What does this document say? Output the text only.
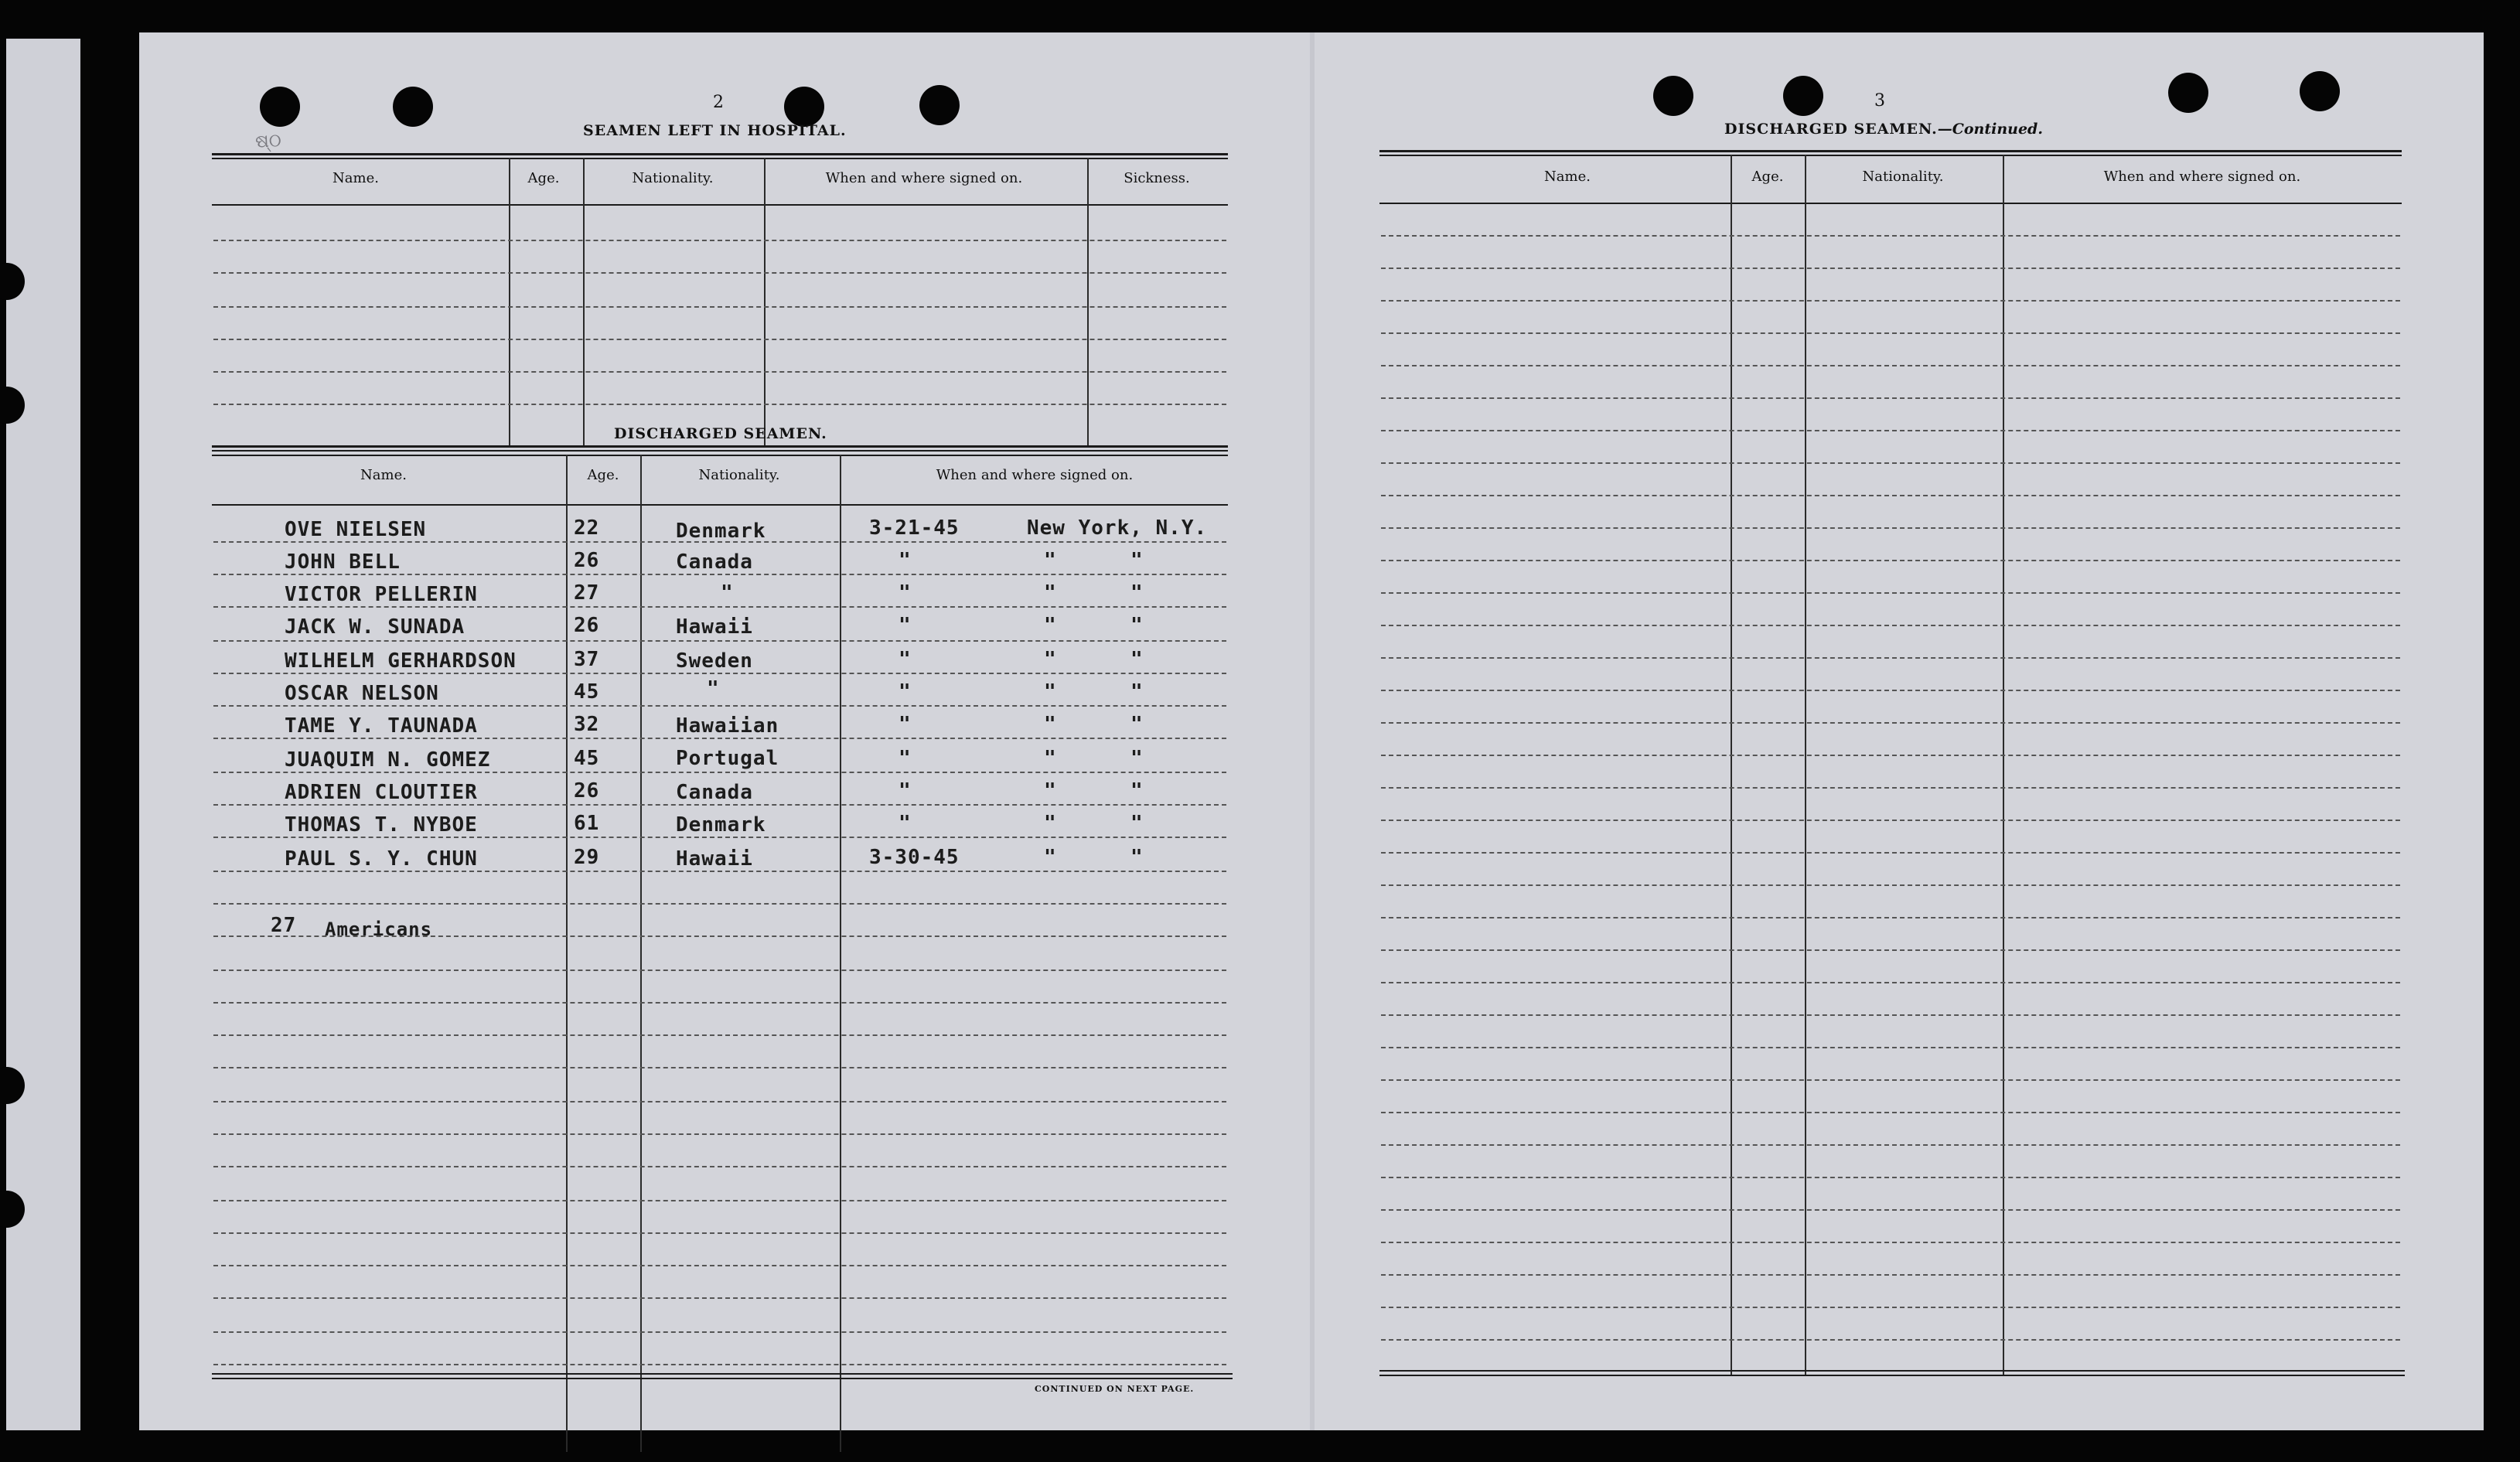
ଷ୍ଠ
2
SEAMEN LEFT IN HOSPITAL.
Name.	Age.	Nationality.	When and where signed on.	Sickness.
DISCHARGED SEAMEN.
Name.	Age.	Nationality.	When and where signed on.
OVE NIELSEN	22	Denmark	3-21-45	New York, N.Y.
JOHN BELL	26	Canada	"	"	"
VICTOR PELLERIN	27	"	"	"	"
JACK W. SUNADA	26	Hawaii	"	"	"
WILHELM GERHARDSON	37	Sweden	"	"	"
OSCAR NELSON	45	"	"	"	"
TAME Y. TAUNADA	32	Hawaiian	"	"	"
JUAQUIM N. GOMEZ	45	Portugal	"	"	"
ADRIEN CLOUTIER	26	Canada	"	"	"
THOMAS T. NYBOE	61	Denmark	"	"	"
PAUL S. Y. CHUN	29	Hawaii	3-30-45	"	"
27 Americans
CONTINUED ON NEXT PAGE.
3
DISCHARGED SEAMEN.—Continued.
Name.	Age.	Nationality.	When and where signed on.
